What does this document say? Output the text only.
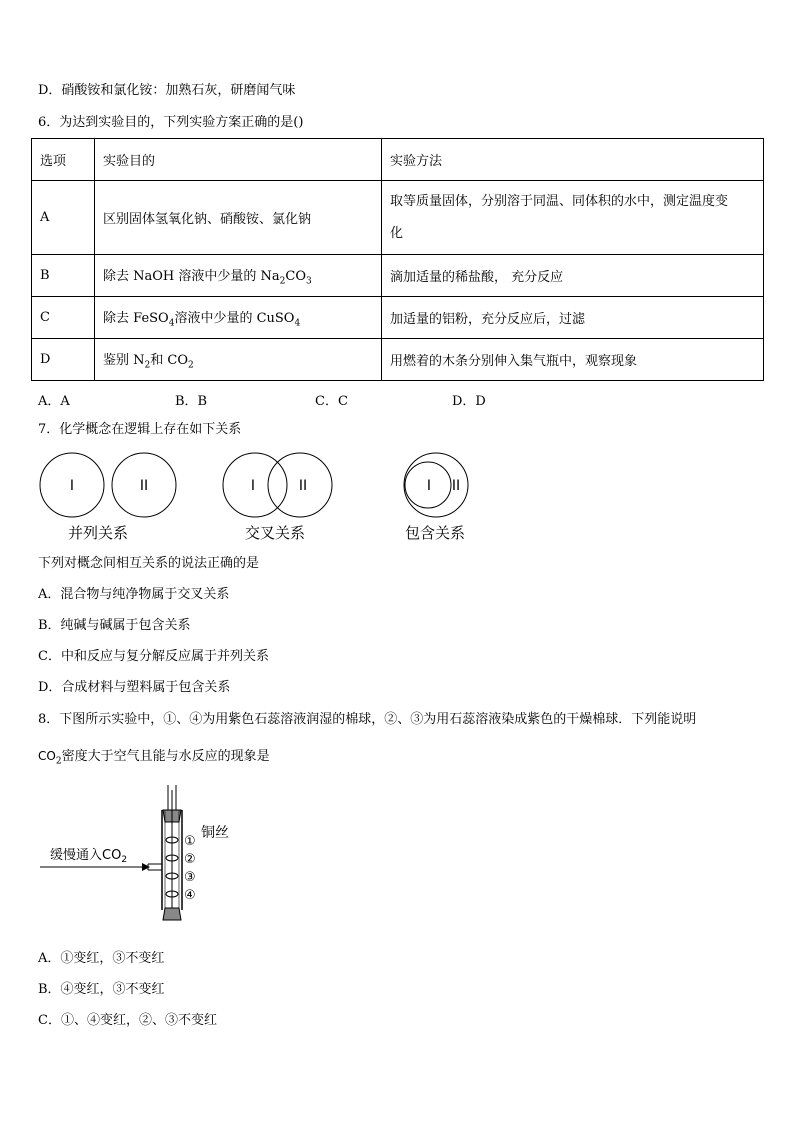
D．硝酸铵和氯化铵：加熟石灰，研磨闻气味
6．为达到实验目的，下列实验方案正确的是()
选项	实验目的	实验方法
A	区别固体氢氧化钠、硝酸铵、氯化钠	取等质量固体，分别溶于同温、同体积的水中，测定温度变
化

B	除去 NaOH 溶液中少量的 $Na_2CO_3$	滴加适量的稀盐酸， 充分反应
C	除去 FeSO$_4$溶液中少量的 CuSO$_4$	加适量的铝粉，充分反应后，过滤
D	鉴别 $N_2$和 $CO_2$	用燃着的木条分别伸入集气瓶中，观察现象
A．A	B．B	C．C	D．D
7．化学概念在逻辑上存在如下关系
I	II
并列关系
I	II
交叉关系
I II
包含关系
下列对概念间相互关系的说法正确的是
A．混合物与纯净物属于交叉关系
B．纯碱与碱属于包含关系
C．中和反应与复分解反应属于并列关系
D．合成材料与塑料属于包含关系
8．下图所示实验中，①、④为用紫色石蕊溶液润湿的棉球，②、③为用石蕊溶液染成紫色的干燥棉球．下列能说明
$CO_2$密度大于空气且能与水反应的现象是
缓慢通入$CO_2$
铜丝
①
②
③
④
A．①变红，③不变红
B．④变红，③不变红
C．①、④变红，②、③不变红
